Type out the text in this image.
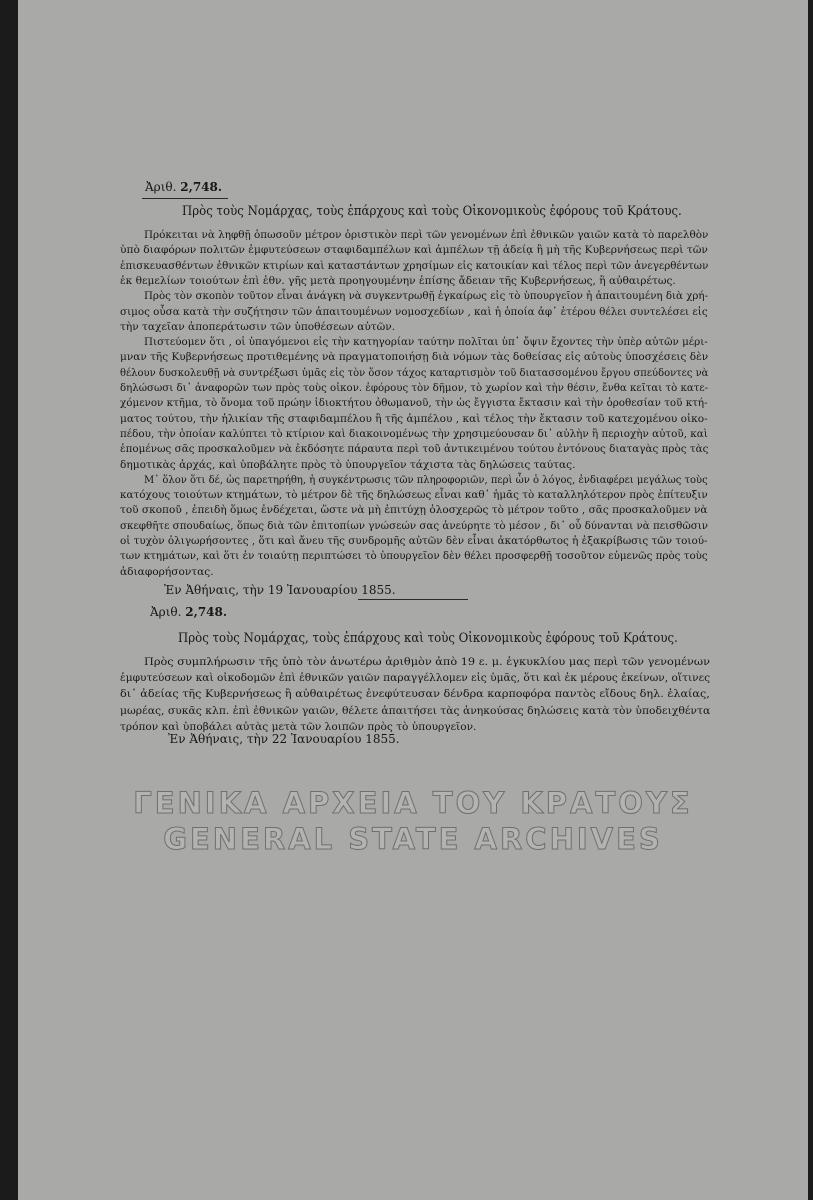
Ἀριθ. 2,748.
Πρὸς τοὺς Νομάρχας, τοὺς ἐπάρχους καὶ τοὺς Οἰκονομικοὺς ἐφόρους τοῦ Κράτους.
Πρόκειται νὰ ληφθῇ ὁπωσοῦν μέτρον ὁριστικὸν περὶ τῶν γενομένων ἐπὶ ἐθνικῶν γαιῶν κατὰ τὸ παρελθὸν
ὑπὸ διαφόρων πολιτῶν ἐμφυτεύσεων σταφιδαμπέλων καὶ ἀμπέλων τῇ ἀδείᾳ ἢ μὴ τῆς Κυβερνήσεως περὶ τῶν
ἐπισκευασθέντων ἐθνικῶν κτιρίων καὶ καταστάντων χρησίμων εἰς κατοικίαν καὶ τέλος περὶ τῶν ἀνεγερθέντων
ἐκ θεμελίων τοιούτων ἐπὶ ἐθν. γῆς μετὰ προηγουμένην ἐπίσης ἄδειαν τῆς Κυβερνήσεως, ἢ αὐθαιρέτως.
Πρὸς τὸν σκοπὸν τοῦτον εἶναι ἀνάγκη νὰ συγκεντρωθῇ ἐγκαίρως εἰς τὸ ὑπουργεῖον ἡ ἀπαιτουμένη διὰ χρή-
σιμος οὖσα κατὰ τὴν συζήτησιν τῶν ἀπαιτουμένων νομοσχεδίων , καὶ ἡ ὁποία ἀφ᾽ ἑτέρου θέλει συντελέσει εἰς
τὴν ταχεῖαν ἀποπεράτωσιν τῶν ὑποθέσεων αὐτῶν.
Πιστεύομεν ὅτι , οἱ ὑπαγόμενοι εἰς τὴν κατηγορίαν ταύτην πολῖται ὑπ᾽ ὄψιν ἔχοντες τὴν ὑπὲρ αὐτῶν μέρι-
μναν τῆς Κυβερνήσεως προτιθεμένης νὰ πραγματοποιήσῃ διὰ νόμων τὰς δοθείσας εἰς αὐτοὺς ὑποσχέσεις δὲν
θέλουν δυσκολευθῇ νὰ συντρέξωσι ὑμᾶς εἰς τὸν ὅσον τάχος καταρτισμὸν τοῦ διατασσομένου ἔργου σπεύδοντες νὰ
δηλώσωσι δι᾽ ἀναφορῶν των πρὸς τοὺς οἰκον. ἐφόρους τὸν δῆμον, τὸ χωρίον καὶ τὴν θέσιν, ἔνθα κεῖται τὸ κατε-
χόμενον κτῆμα, τὸ ὄνομα τοῦ πρώην ἰδιοκτήτου ὀθωμανοῦ, τὴν ὡς ἔγγιστα ἔκτασιν καὶ τὴν ὁροθεσίαν τοῦ κτή-
ματος τούτου, τὴν ἡλικίαν τῆς σταφιδαμπέλου ἢ τῆς ἀμπέλου , καὶ τέλος τὴν ἔκτασιν τοῦ κατεχομένου οἰκο-
πέδου, τὴν ὁποίαν καλύπτει τὸ κτίριον καὶ διακοινομένως τὴν χρησιμεύουσαν δι᾽ αὐλὴν ἢ περιοχὴν αὐτοῦ, καὶ
ἐπομένως σᾶς προσκαλοῦμεν νὰ ἐκδόσητε πάραυτα περὶ τοῦ ἀντικειμένου τούτου ἐντόνους διαταγὰς πρὸς τὰς
δημοτικὰς ἀρχάς, καὶ ὑποβάλητε πρὸς τὸ ὑπουργεῖον τάχιστα τὰς δηλώσεις ταύτας.
Μ᾽ ὅλον ὅτι δέ, ὡς παρετηρήθη, ἡ συγκέντρωσις τῶν πληροφοριῶν, περὶ ὧν ὁ λόγος, ἐνδιαφέρει μεγάλως τοὺς
κατόχους τοιούτων κτημάτων, τὸ μέτρον δὲ τῆς δηλώσεως εἶναι καθ᾽ ἡμᾶς τὸ καταλληλότερον πρὸς ἐπίτευξιν
τοῦ σκοποῦ , ἐπειδὴ ὅμως ἐνδέχεται, ὥστε νὰ μὴ ἐπιτύχῃ ὁλοσχερῶς τὸ μέτρον τοῦτο , σᾶς προσκαλοῦμεν νὰ
σκεφθῆτε σπουδαίως, ὅπως διὰ τῶν ἐπιτοπίων γνώσεών σας ἀνεύρητε τὸ μέσον , δι᾽ οὗ δύνανται νὰ πεισθῶσιν
οἱ τυχὸν ὀλιγωρήσοντες , ὅτι καὶ ἄνευ τῆς συνδρομῆς αὐτῶν δὲν εἶναι ἀκατόρθωτος ἡ ἐξακρίβωσις τῶν τοιού-
των κτημάτων, καὶ ὅτι ἐν τοιαύτῃ περιπτώσει τὸ ὑπουργεῖον δὲν θέλει προσφερθῇ τοσοῦτον εὐμενῶς πρὸς τοὺς
ἀδιαφορήσοντας.
Ἐν Ἀθήναις, τὴν 19 Ἰανουαρίου 1855.
Ἀριθ. 2,748.
Πρὸς τοὺς Νομάρχας, τοὺς ἐπάρχους καὶ τοὺς Οἰκονομικοὺς ἐφόρους τοῦ Κράτους.
Πρὸς συμπλήρωσιν τῆς ὑπὸ τὸν ἀνωτέρω ἀριθμὸν ἀπὸ 19 ε. μ. ἐγκυκλίου μας περὶ τῶν γενομένων
ἐμφυτεύσεων καὶ οἰκοδομῶν ἐπὶ ἐθνικῶν γαιῶν παραγγέλλομεν εἰς ὑμᾶς, ὅτι καὶ ἐκ μέρους ἐκείνων, οἵτινες
δι᾽ ἀδείας τῆς Κυβερνήσεως ἢ αὐθαιρέτως ἐνεφύτευσαν δένδρα καρποφόρα παντὸς εἴδους δηλ. ἐλαίας,
μωρέας, συκᾶς κλπ. ἐπὶ ἐθνικῶν γαιῶν, θέλετε ἀπαιτήσει τὰς ἀνηκούσας δηλώσεις κατὰ τὸν ὑποδειχθέντα
τρόπον καὶ ὑποβάλει αὐτὰς μετὰ τῶν λοιπῶν πρὸς τὸ ὑπουργεῖον.
Ἐν Ἀθήναις, τὴν 22 Ἰανουαρίου 1855.
ΓΕΝΙΚΑ ΑΡΧΕΙΑ ΤΟΥ ΚΡΑΤΟΥΣ
GENERAL STATE ARCHIVES
